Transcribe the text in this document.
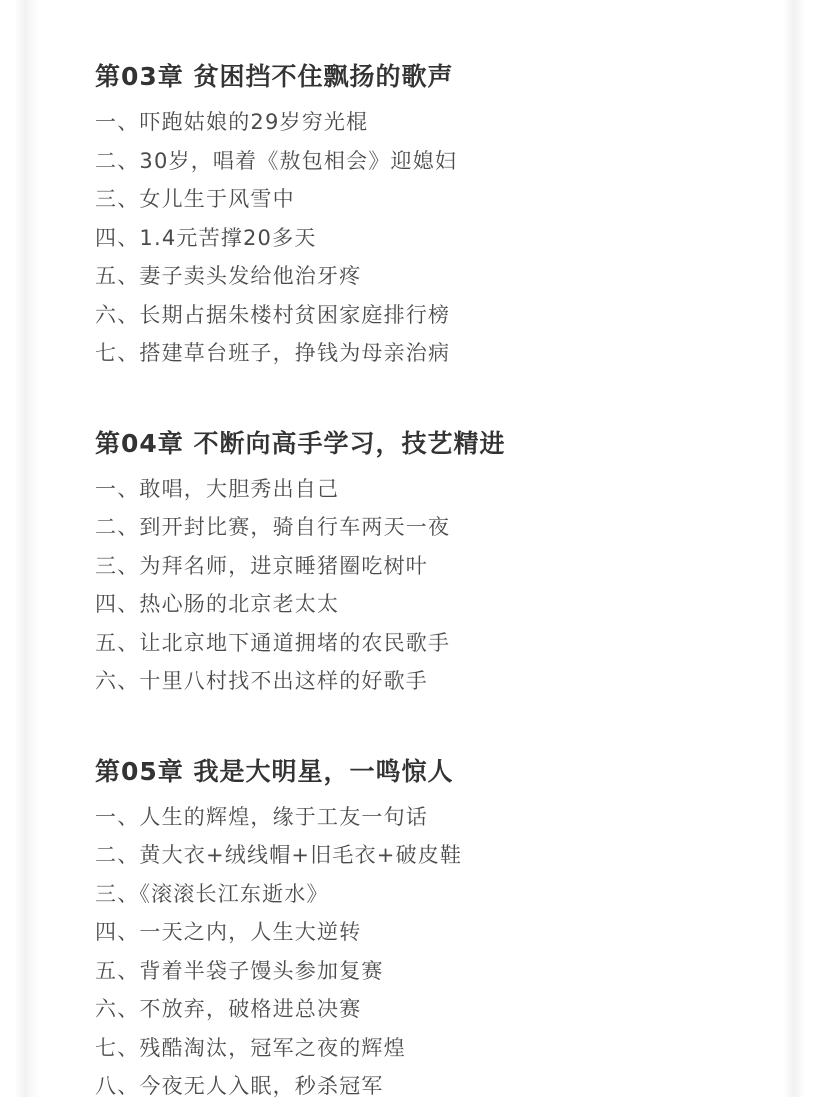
第03章 贫困挡不住飘扬的歌声
一、吓跑姑娘的29岁穷光棍
二、30岁，唱着《敖包相会》迎媳妇
三、女儿生于风雪中
四、1.4元苦撑20多天
五、妻子卖头发给他治牙疼
六、长期占据朱楼村贫困家庭排行榜
七、搭建草台班子，挣钱为母亲治病
第04章 不断向高手学习，技艺精进
一、敢唱，大胆秀出自己
二、到开封比赛，骑自行车两天一夜
三、为拜名师，进京睡猪圈吃树叶
四、热心肠的北京老太太
五、让北京地下通道拥堵的农民歌手
六、十里八村找不出这样的好歌手
第05章 我是大明星，一鸣惊人
一、人生的辉煌，缘于工友一句话
二、黄大衣+绒线帽+旧毛衣+破皮鞋
三、《滚滚长江东逝水》
四、一天之内，人生大逆转
五、背着半袋子馒头参加复赛
六、不放弃，破格进总决赛
七、残酷淘汰，冠军之夜的辉煌
八、今夜无人入眠，秒杀冠军
